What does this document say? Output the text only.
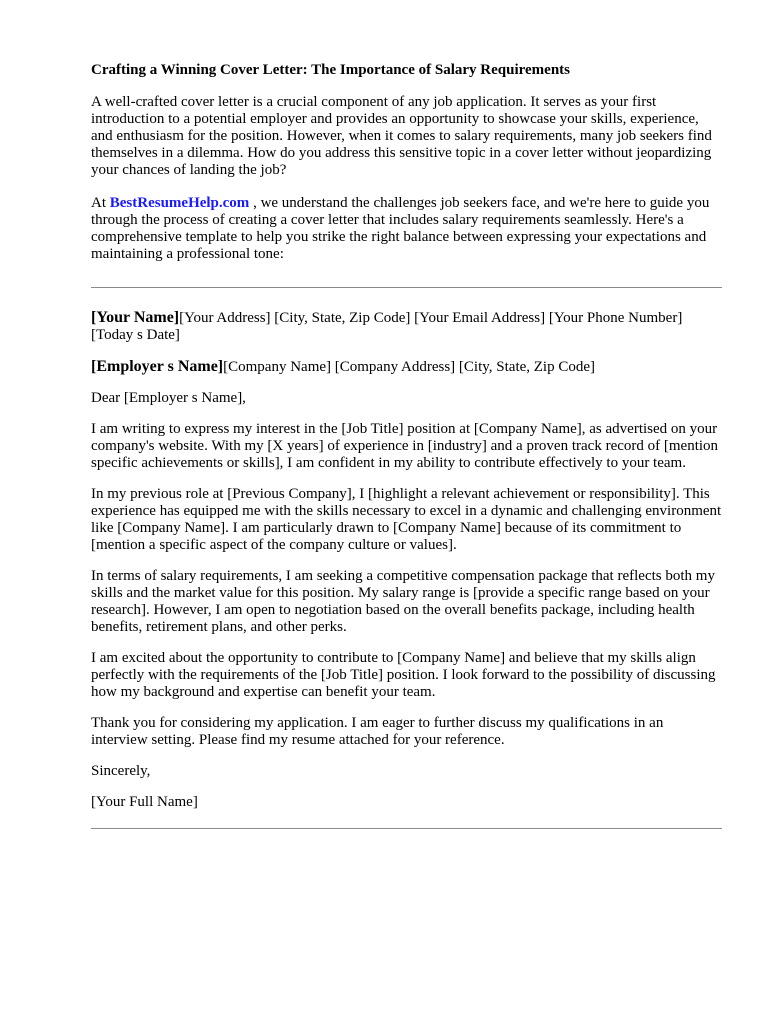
Crafting a Winning Cover Letter: The Importance of Salary Requirements

A well-crafted cover letter is a crucial component of any job application. It serves as your first introduction to a potential employer and provides an opportunity to showcase your skills, experience, and enthusiasm for the position. However, when it comes to salary requirements, many job seekers find themselves in a dilemma. How do you address this sensitive topic in a cover letter without jeopardizing your chances of landing the job?

At BestResumeHelp.com , we understand the challenges job seekers face, and we're here to guide you through the process of creating a cover letter that includes salary requirements seamlessly. Here's a comprehensive template to help you strike the right balance between expressing your expectations and maintaining a professional tone:

[Your Name][Your Address] [City, State, Zip Code] [Your Email Address] [Your Phone Number] [Today s Date]

[Employer s Name][Company Name] [Company Address] [City, State, Zip Code]

Dear [Employer s Name],

I am writing to express my interest in the [Job Title] position at [Company Name], as advertised on your company's website. With my [X years] of experience in [industry] and a proven track record of [mention specific achievements or skills], I am confident in my ability to contribute effectively to your team.

In my previous role at [Previous Company], I [highlight a relevant achievement or responsibility]. This experience has equipped me with the skills necessary to excel in a dynamic and challenging environment like [Company Name]. I am particularly drawn to [Company Name] because of its commitment to [mention a specific aspect of the company culture or values].

In terms of salary requirements, I am seeking a competitive compensation package that reflects both my skills and the market value for this position. My salary range is [provide a specific range based on your research]. However, I am open to negotiation based on the overall benefits package, including health benefits, retirement plans, and other perks.

I am excited about the opportunity to contribute to [Company Name] and believe that my skills align perfectly with the requirements of the [Job Title] position. I look forward to the possibility of discussing how my background and expertise can benefit your team.

Thank you for considering my application. I am eager to further discuss my qualifications in an interview setting. Please find my resume attached for your reference.

Sincerely,

[Your Full Name]
